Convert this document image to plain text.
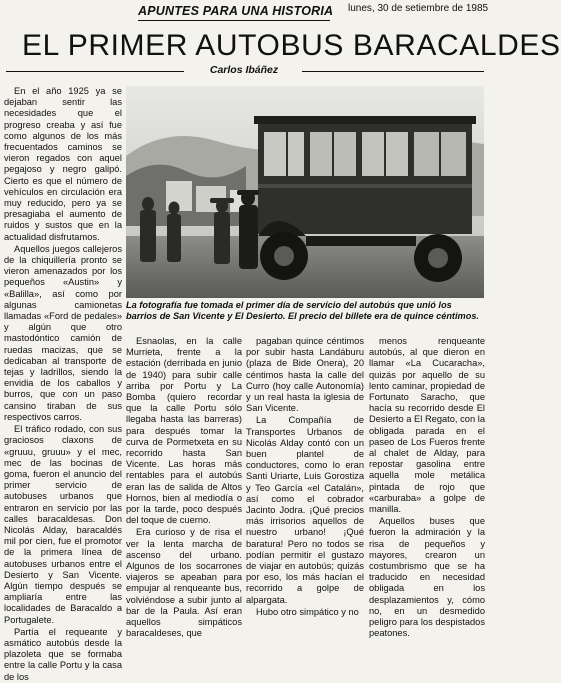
APUNTES PARA UNA HISTORIA lunes, 30 de setiembre de 1985
EL PRIMER AUTOBUS BARACALDES
Carlos Ibáñez

En el año 1925 ya se dejaban sentir las necesidades que el progreso creaba y así fue como algunos de los más frecuentados caminos se vieron regados con aquel pegajoso y negro galipó. Cierto es que el número de vehículos en circulación era muy reducido, pero ya se presagiaba el aumento de ruidos y sustos que en la actualidad disfrutamos.

Aquellos juegos callejeros de la chiquillería pronto se vieron amenazados por los pequeños «Austin» y «Balilla», así como por algunas camionetas llamadas «Ford de pedales» y algún que otro mastodóntico camión de ruedas macizas, que se dedicaban al transporte de tejas y ladrillos, siendo la envidia de los caballos y burros, que con un paso cansino tiraban de sus respectivos carros.

El tráfico rodado, con sus graciosos claxons de «gruuu, gruuu» y el mec, mec de las bocinas de goma, fueron el anuncio del primer servicio de autobuses urbanos que entraron en servicio por las calles baracaldesas. Don Nicolás Alday, baracaldés mil por cien, fue el promotor de la primera línea de autobuses urbanos entre el Desierto y San Vicente. Algún tiempo después se ampliaría entre las localidades de Baracaldo a Portugalete.

Partía el requeante y asmático autobús desde la plazoleta que se formaba entre la calle Portu y la casa de los

La fotografía fue tomada el primer día de servicio del autobús que unió los barrios de San Vicente y El Desierto. El precio del billete era de quince céntimos.

Esnaolas, en la calle Murrieta, frente a la estación (derribada en junio de 1940) para subir calle arriba por Portu y La Bomba (quiero recordar que la calle Portu sólo llegaba hasta las barreras) para después tomar la curva de Pormetxeta en su recorrido hasta San Vicente. Las horas más rentables para el autobús eran las de salida de Altos Hornos, bien al mediodía o por la tarde, poco después del toque de cuerno.

Era curioso y de risa el ver la lenta marcha de ascenso del urbano. Algunos de los socarrones viajeros se apeaban para empujar al renqueante bus, volviéndose a subir junto al bar de la Paula. Así eran aquellos simpáticos baracaldeses, que

pagaban quince céntimos por subir hasta Landáburu (plaza de Bide Onera), 20 céntimos hasta la calle del Curro (hoy calle Autonomía) y un real hasta la iglesia de San Vicente.

La Compañía de Transportes Urbanos de Nicolás Alday contó con un buen plantel de conductores, como lo eran Santi Uriarte, Luis Gorostiza y Teo García «el Catalán», así como el cobrador Jacinto Jodra. ¡Qué precios más irrisorios aquellos de nuestro urbano! ¡Qué baratura! Pero no todos se podían permitir el gustazo de viajar en autobús; quizás por eso, los más hacían el recorrido a golpe de alpargata.

Hubo otro simpático y no

menos renqueante autobús, al que dieron en llamar «La Cucaracha», quizás por aquello de su lento caminar, propiedad de Fortunato Saracho, que hacía su recorrido desde El Desierto a El Regato, con la obligada parada en el paseo de Los Fueros frente al chalet de Alday, para repostar gasolina entre aquella mole metálica pintada de rojo que «carburaba» a golpe de manilla.

Aquellos buses que fueron la admiración y la risa de pequeños y mayores, crearon un costumbrismo que se ha traducido en necesidad obligada en los desplazamientos y, cómo no, en un desmedido peligro para los despistados peatones.
